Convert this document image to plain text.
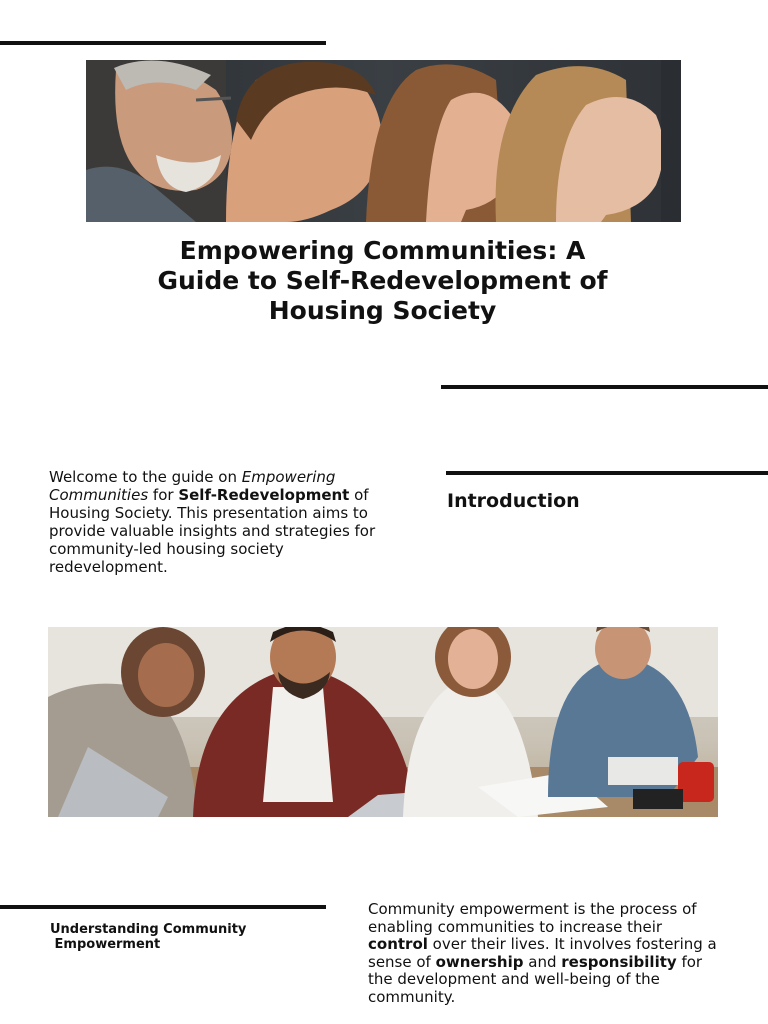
Empowering Communities: A Guide to Self-Redevelopment of Housing Society

Welcome to the guide on Empowering Communities for Self-Redevelopment of Housing Society. This presentation aims to provide valuable insights and strategies for community-led housing society redevelopment.

Introduction
Understanding Community
Empowerment

Community empowerment is the process of enabling communities to increase their control over their lives. It involves fostering a sense of ownership and responsibility for the development and well-being of the community.
